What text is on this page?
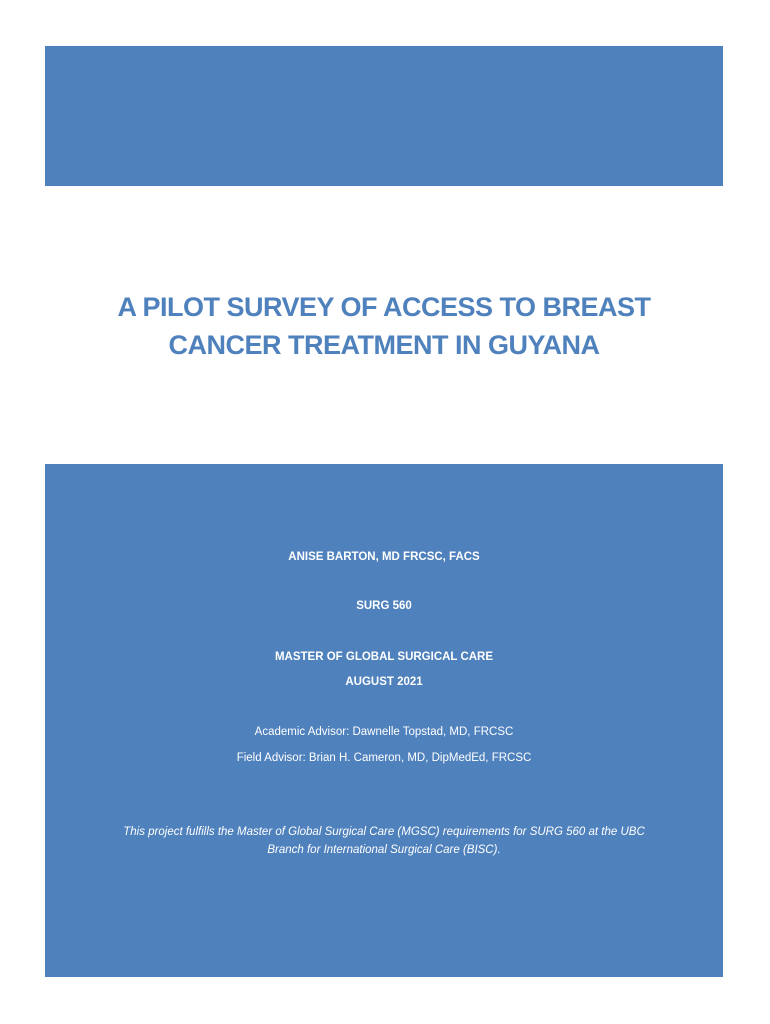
A PILOT SURVEY OF ACCESS TO BREAST
CANCER TREATMENT IN GUYANA
ANISE BARTON, MD FRCSC, FACS
SURG 560
MASTER OF GLOBAL SURGICAL CARE
AUGUST 2021
Academic Advisor: Dawnelle Topstad, MD, FRCSC
Field Advisor: Brian H. Cameron, MD, DipMedEd, FRCSC
This project fulfills the Master of Global Surgical Care (MGSC) requirements for SURG 560 at the UBC
Branch for International Surgical Care (BISC).
